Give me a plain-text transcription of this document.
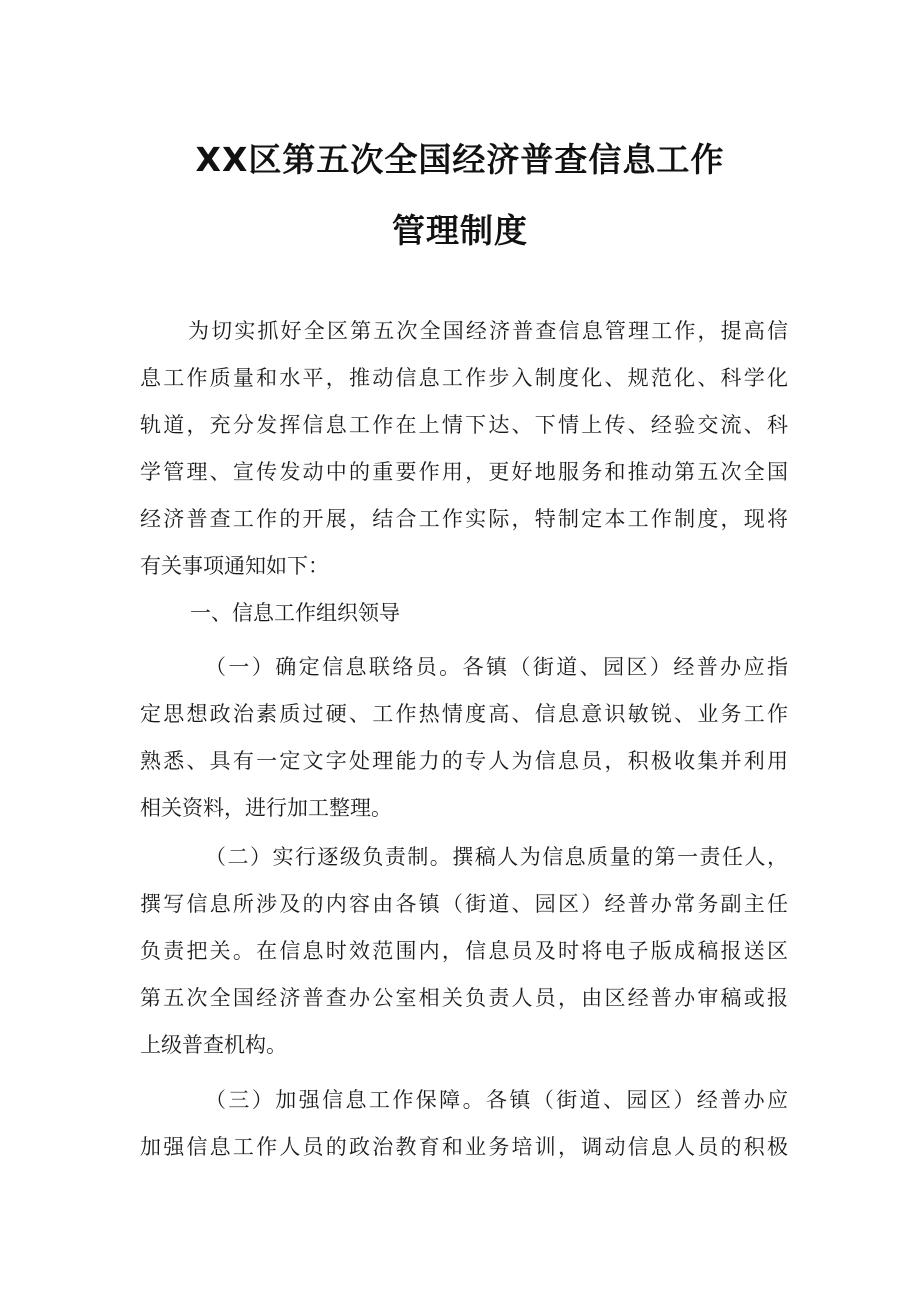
XX区第五次全国经济普查信息工作
管理制度
为切实抓好全区第五次全国经济普查信息管理工作，提高信
息工作质量和水平，推动信息工作步入制度化、规范化、科学化
轨道，充分发挥信息工作在上情下达、下情上传、经验交流、科
学管理、宣传发动中的重要作用，更好地服务和推动第五次全国
经济普查工作的开展，结合工作实际，特制定本工作制度，现将
有关事项通知如下：
一、信息工作组织领导
（一）确定信息联络员。各镇（街道、园区）经普办应指
定思想政治素质过硬、工作热情度高、信息意识敏锐、业务工作
熟悉、具有一定文字处理能力的专人为信息员，积极收集并利用
相关资料，进行加工整理。
（二）实行逐级负责制。撰稿人为信息质量的第一责任人，
撰写信息所涉及的内容由各镇（街道、园区）经普办常务副主任
负责把关。在信息时效范围内，信息员及时将电子版成稿报送区
第五次全国经济普查办公室相关负责人员，由区经普办审稿或报
上级普查机构。
（三）加强信息工作保障。各镇（街道、园区）经普办应
加强信息工作人员的政治教育和业务培训，调动信息人员的积极
